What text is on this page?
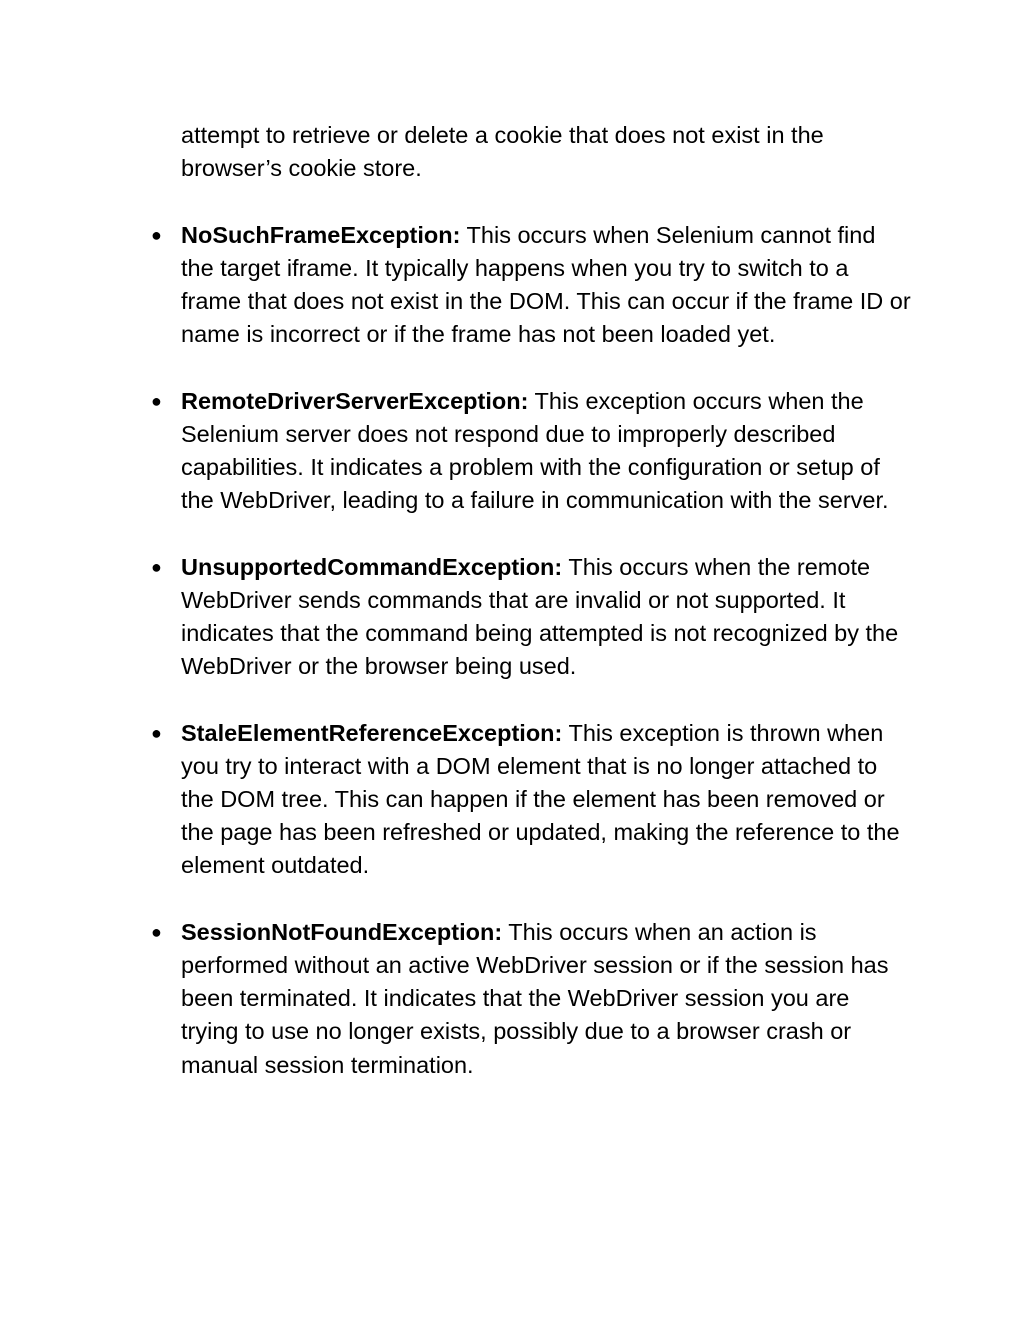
attempt to retrieve or delete a cookie that does not exist in the browser’s cookie store.

● NoSuchFrameException: This occurs when Selenium cannot find the target iframe. It typically happens when you try to switch to a frame that does not exist in the DOM. This can occur if the frame ID or name is incorrect or if the frame has not been loaded yet.
● RemoteDriverServerException: This exception occurs when the Selenium server does not respond due to improperly described capabilities. It indicates a problem with the configuration or setup of the WebDriver, leading to a failure in communication with the server.
● UnsupportedCommandException: This occurs when the remote WebDriver sends commands that are invalid or not supported. It indicates that the command being attempted is not recognized by the WebDriver or the browser being used.
● StaleElementReferenceException: This exception is thrown when you try to interact with a DOM element that is no longer attached to the DOM tree. This can happen if the element has been removed or the page has been refreshed or updated, making the reference to the element outdated.
● SessionNotFoundException: This occurs when an action is performed without an active WebDriver session or if the session has been terminated. It indicates that the WebDriver session you are trying to use no longer exists, possibly due to a browser crash or manual session termination.
